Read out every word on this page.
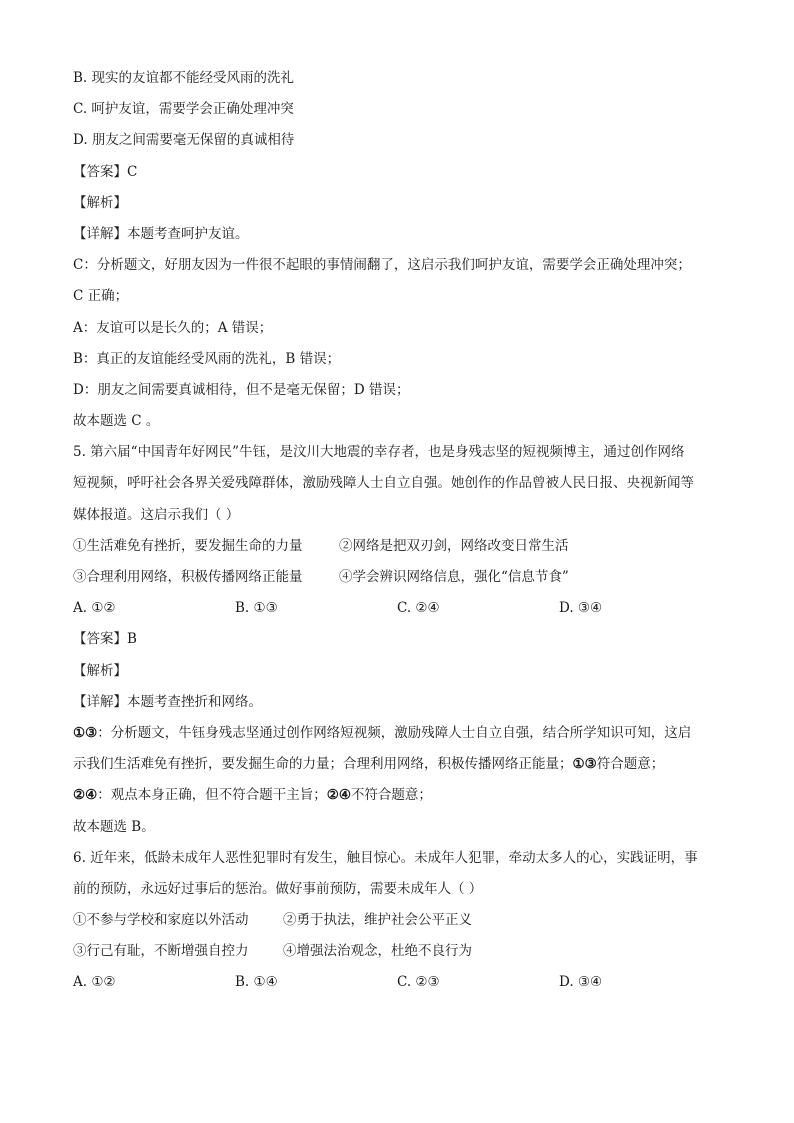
B. 现实的友谊都不能经受风雨的洗礼
C. 呵护友谊，需要学会正确处理冲突
D. 朋友之间需要毫无保留的真诚相待
【答案】C
【解析】
【详解】本题考查呵护友谊。
C：分析题文，好朋友因为一件很不起眼的事情闹翻了，这启示我们呵护友谊，需要学会正确处理冲突；
C 正确；
A：友谊可以是长久的；A 错误；
B：真正的友谊能经受风雨的洗礼，B 错误；
D：朋友之间需要真诚相待，但不是毫无保留；D 错误；
故本题选 C 。
5. 第六届“中国青年好网民”牛钰，是汶川大地震的幸存者，也是身残志坚的短视频博主，通过创作网络
短视频，呼吁社会各界关爱残障群体，激励残障人士自立自强。她创作的作品曾被人民日报、央视新闻等
媒体报道。这启示我们（ ）
①生活难免有挫折，要发掘生命的力量	②网络是把双刃剑，网络改变日常生活
③合理利用网络，积极传播网络正能量	④学会辨识网络信息，强化“信息节食”
A. ①②	B. ①③	C. ②④	D. ③④
【答案】B
【解析】
【详解】本题考查挫折和网络。
①③：分析题文，牛钰身残志坚通过创作网络短视频，激励残障人士自立自强，结合所学知识可知，这启
示我们生活难免有挫折，要发掘生命的力量；合理利用网络，积极传播网络正能量；①③符合题意；
②④：观点本身正确，但不符合题干主旨；②④不符合题意；
故本题选 B。
6. 近年来，低龄未成年人恶性犯罪时有发生，触目惊心。未成年人犯罪，牵动太多人的心，实践证明，事
前的预防，永远好过事后的惩治。做好事前预防，需要未成年人（ ）
①不参与学校和家庭以外活动	②勇于执法，维护社会公平正义
③行己有耻，不断增强自控力	④增强法治观念，杜绝不良行为
A. ①②	B. ①④	C. ②③	D. ③④
